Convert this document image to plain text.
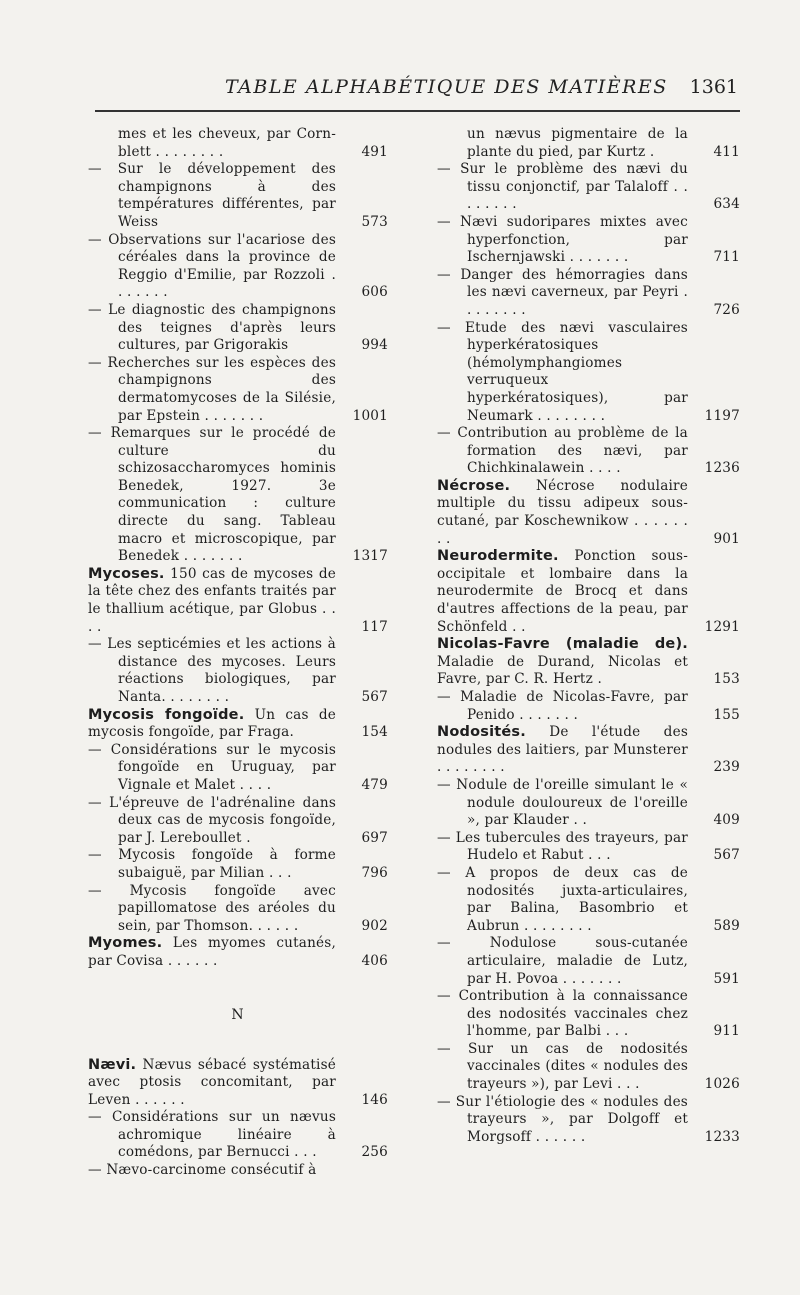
TABLE ALPHABÉTIQUE DES MATIÈRES 1361
mes et les cheveux, par Corn-blett . . . . . . . .	491
— Sur le développement des champignons à des températures différentes, par Weiss	573
— Observations sur l'acariose des céréales dans la province de Reggio d'Emilie, par Rozzoli . . . . . . .	606
— Le diagnostic des champignons des teignes d'après leurs cultures, par Grigorakis	994
— Recherches sur les espèces des champignons des dermatomycoses de la Silésie, par Epstein . . . . . . .	1001
— Remarques sur le procédé de culture du schizosaccharomyces hominis Benedek, 1927. 3e communication : culture directe du sang. Tableau macro et microscopique, par Benedek . . . . . . .	1317
Mycoses. 150 cas de mycoses de la tête chez des enfants traités par le thallium acétique, par Globus . . . .	117
— Les septicémies et les actions à distance des mycoses. Leurs réactions biologiques, par Nanta. . . . . . . .	567
Mycosis fongoïde. Un cas de mycosis fongoïde, par Fraga.	154
— Considérations sur le mycosis fongoïde en Uruguay, par Vignale et Malet . . . .	479
— L'épreuve de l'adrénaline dans deux cas de mycosis fongoïde, par J. Lereboullet .	697
— Mycosis fongoïde à forme subaiguë, par Milian . . .	796
— Mycosis fongoïde avec papillomatose des aréoles du sein, par Thomson. . . . . .	902
Myomes. Les myomes cutanés, par Covisa . . . . . .	406
N
Nævi. Nævus sébacé systématisé avec ptosis concomitant, par Leven . . . . . .	146
— Considérations sur un nævus achromique linéaire à comédons, par Bernucci . . .	256
— Nævo-carcinome consécutif à
un nævus pigmentaire de la plante du pied, par Kurtz .	411
— Sur le problème des nævi du tissu conjonctif, par Talaloff . . . . . . . .	634
— Nævi sudoripares mixtes avec hyperfonction, par Ischernjawski . . . . . . .	711
— Danger des hémorragies dans les nævi caverneux, par Peyri . . . . . . . .	726
— Etude des nævi vasculaires hyperkératosiques (hémolymphangiomes verruqueux hyperkératosiques), par Neumark . . . . . . . .	1197
— Contribution au problème de la formation des nævi, par Chichkinalawein . . . .	1236
Nécrose. Nécrose nodulaire multiple du tissu adipeux sous-cutané, par Koschewnikow . . . . . . . .	901
Neurodermite. Ponction sous-occipitale et lombaire dans la neurodermite de Brocq et dans d'autres affections de la peau, par Schönfeld . .	1291
Nicolas-Favre (maladie de). Maladie de Durand, Nicolas et Favre, par C. R. Hertz .	153
— Maladie de Nicolas-Favre, par Penido . . . . . . .	155
Nodosités. De l'étude des nodules des laitiers, par Munsterer . . . . . . . .	239
— Nodule de l'oreille simulant le « nodule douloureux de l'oreille », par Klauder . .	409
— Les tubercules des trayeurs, par Hudelo et Rabut . . .	567
— A propos de deux cas de nodosités juxta-articulaires, par Balina, Basombrio et Aubrun . . . . . . . .	589
— Nodulose sous-cutanée articulaire, maladie de Lutz, par H. Povoa . . . . . . .	591
— Contribution à la connaissance des nodosités vaccinales chez l'homme, par Balbi . . .	911
— Sur un cas de nodosités vaccinales (dites « nodules des trayeurs »), par Levi . . .	1026
— Sur l'étiologie des « nodules des trayeurs », par Dolgoff et Morgsoff . . . . . .	1233
